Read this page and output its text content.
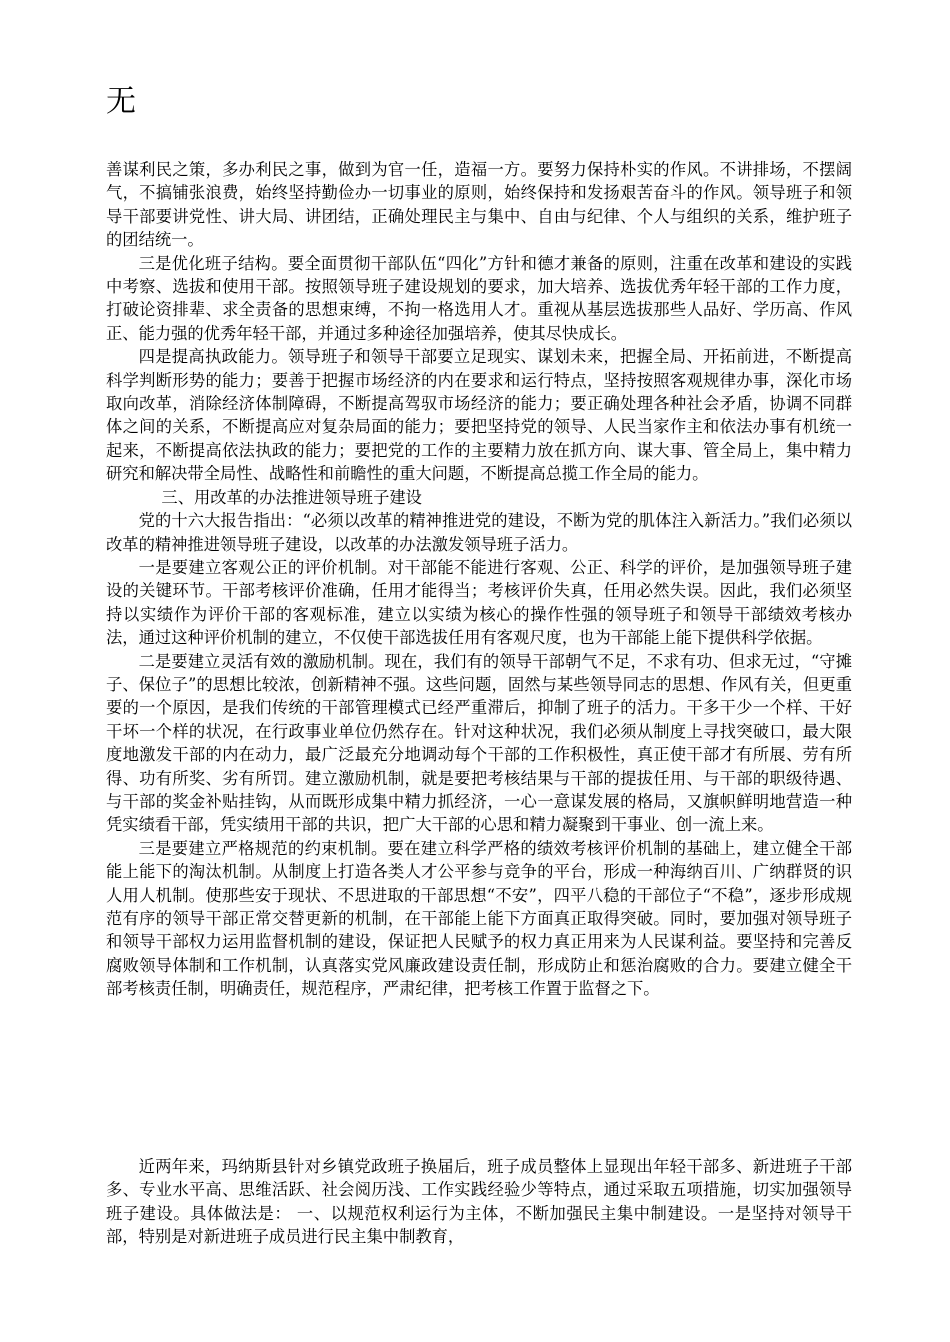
无

善谋利民之策，多办利民之事，做到为官一任，造福一方。要努力保持朴实的作风。不讲排场，不摆阔气，不搞铺张浪费，始终坚持勤俭办一切事业的原则，始终保持和发扬艰苦奋斗的作风。领导班子和领导干部要讲党性、讲大局、讲团结，正确处理民主与集中、自由与纪律、个人与组织的关系，维护班子的团结统一。

三是优化班子结构。要全面贯彻干部队伍“四化”方针和德才兼备的原则，注重在改革和建设的实践中考察、选拔和使用干部。按照领导班子建设规划的要求，加大培养、选拔优秀年轻干部的工作力度，打破论资排辈、求全责备的思想束缚，不拘一格选用人才。重视从基层选拔那些人品好、学历高、作风正、能力强的优秀年轻干部，并通过多种途径加强培养，使其尽快成长。

四是提高执政能力。领导班子和领导干部要立足现实、谋划未来，把握全局、开拓前进，不断提高科学判断形势的能力；要善于把握市场经济的内在要求和运行特点，坚持按照客观规律办事，深化市场取向改革，消除经济体制障碍，不断提高驾驭市场经济的能力；要正确处理各种社会矛盾，协调不同群体之间的关系，不断提高应对复杂局面的能力；要把坚持党的领导、人民当家作主和依法办事有机统一起来，不断提高依法执政的能力；要把党的工作的主要精力放在抓方向、谋大事、管全局上，集中精力研究和解决带全局性、战略性和前瞻性的重大问题，不断提高总揽工作全局的能力。

三、用改革的办法推进领导班子建设

党的十六大报告指出：“必须以改革的精神推进党的建设，不断为党的肌体注入新活力。”我们必须以改革的精神推进领导班子建设，以改革的办法激发领导班子活力。

一是要建立客观公正的评价机制。对干部能不能进行客观、公正、科学的评价，是加强领导班子建设的关键环节。干部考核评价准确，任用才能得当；考核评价失真，任用必然失误。因此，我们必须坚持以实绩作为评价干部的客观标准，建立以实绩为核心的操作性强的领导班子和领导干部绩效考核办法，通过这种评价机制的建立，不仅使干部选拔任用有客观尺度，也为干部能上能下提供科学依据。

二是要建立灵活有效的激励机制。现在，我们有的领导干部朝气不足，不求有功、但求无过，“守摊子、保位子”的思想比较浓，创新精神不强。这些问题，固然与某些领导同志的思想、作风有关，但更重要的一个原因，是我们传统的干部管理模式已经严重滞后，抑制了班子的活力。干多干少一个样、干好干坏一个样的状况，在行政事业单位仍然存在。针对这种状况，我们必须从制度上寻找突破口，最大限度地激发干部的内在动力，最广泛最充分地调动每个干部的工作积极性，真正使干部才有所展、劳有所得、功有所奖、劣有所罚。建立激励机制，就是要把考核结果与干部的提拔任用、与干部的职级待遇、与干部的奖金补贴挂钩，从而既形成集中精力抓经济，一心一意谋发展的格局，又旗帜鲜明地营造一种凭实绩看干部，凭实绩用干部的共识，把广大干部的心思和精力凝聚到干事业、创一流上来。

三是要建立严格规范的约束机制。要在建立科学严格的绩效考核评价机制的基础上，建立健全干部能上能下的淘汰机制。从制度上打造各类人才公平参与竞争的平台，形成一种海纳百川、广纳群贤的识人用人机制。使那些安于现状、不思进取的干部思想“不安”，四平八稳的干部位子“不稳”，逐步形成规范有序的领导干部正常交替更新的机制，在干部能上能下方面真正取得突破。同时，要加强对领导班子和领导干部权力运用监督机制的建设，保证把人民赋予的权力真正用来为人民谋利益。要坚持和完善反腐败领导体制和工作机制，认真落实党风廉政建设责任制，形成防止和惩治腐败的合力。要建立健全干部考核责任制，明确责任，规范程序，严肃纪律，把考核工作置于监督之下。

近两年来，玛纳斯县针对乡镇党政班子换届后，班子成员整体上显现出年轻干部多、新进班子干部多、专业水平高、思维活跃、社会阅历浅、工作实践经验少等特点，通过采取五项措施，切实加强领导班子建设。具体做法是： 一、以规范权利运行为主体，不断加强民主集中制建设。一是坚持对领导干部，特别是对新进班子成员进行民主集中制教育，
